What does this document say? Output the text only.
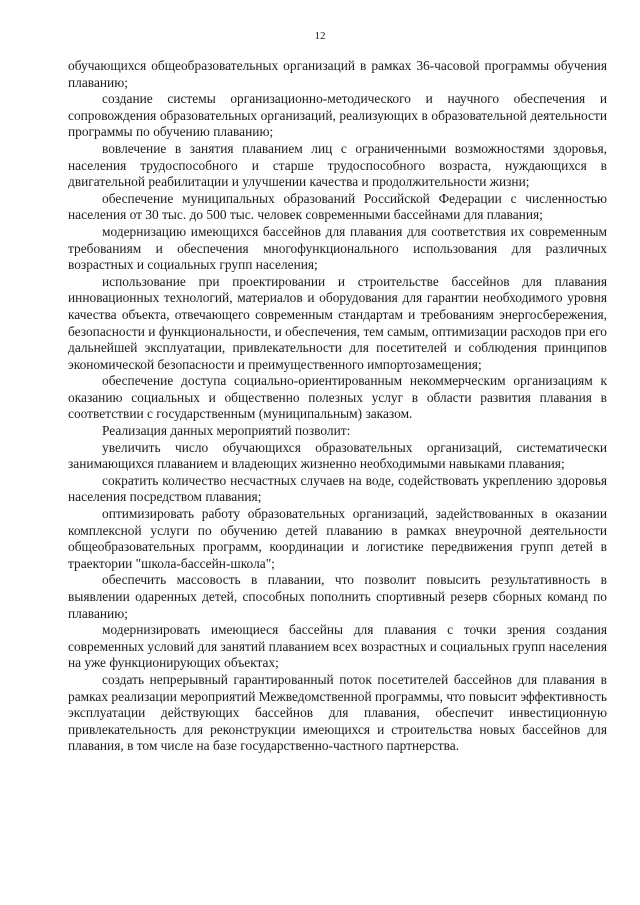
12

обучающихся общеобразовательных организаций в рамках 36-часовой программы обучения плаванию;

создание системы организационно-методического и научного обеспечения и сопровождения образовательных организаций, реализующих в образовательной деятельности программы по обучению плаванию;

вовлечение в занятия плаванием лиц с ограниченными возможностями здоровья, населения трудоспособного и старше трудоспособного возраста, нуждающихся в двигательной реабилитации и улучшении качества и продолжительности жизни;

обеспечение муниципальных образований Российской Федерации с численностью населения от 30 тыс. до 500 тыс. человек современными бассейнами для плавания;

модернизацию имеющихся бассейнов для плавания для соответствия их современным требованиям и обеспечения многофункционального использования для различных возрастных и социальных групп населения;

использование при проектировании и строительстве бассейнов для плавания инновационных технологий, материалов и оборудования для гарантии необходимого уровня качества объекта, отвечающего современным стандартам и требованиям энергосбережения, безопасности и функциональности, и обеспечения, тем самым, оптимизации расходов при его дальнейшей эксплуатации, привлекательности для посетителей и соблюдения принципов экономической безопасности и преимущественного импортозамещения;

обеспечение доступа социально-ориентированным некоммерческим организациям к оказанию социальных и общественно полезных услуг в области развития плавания в соответствии с государственным (муниципальным) заказом.

Реализация данных мероприятий позволит:

увеличить число обучающихся образовательных организаций, систематически занимающихся плаванием и владеющих жизненно необходимыми навыками плавания;

сократить количество несчастных случаев на воде, содействовать укреплению здоровья населения посредством плавания;

оптимизировать работу образовательных организаций, задействованных в оказании комплексной услуги по обучению детей плаванию в рамках внеурочной деятельности общеобразовательных программ, координации и логистике передвижения групп детей в траектории "школа-бассейн-школа";

обеспечить массовость в плавании, что позволит повысить результативность в выявлении одаренных детей, способных пополнить спортивный резерв сборных команд по плаванию;

модернизировать имеющиеся бассейны для плавания с точки зрения создания современных условий для занятий плаванием всех возрастных и социальных групп населения на уже функционирующих объектах;

создать непрерывный гарантированный поток посетителей бассейнов для плавания в рамках реализации мероприятий Межведомственной программы, что повысит эффективность эксплуатации действующих бассейнов для плавания, обеспечит инвестиционную привлекательность для реконструкции имеющихся и строительства новых бассейнов для плавания, в том числе на базе государственно-частного партнерства.
